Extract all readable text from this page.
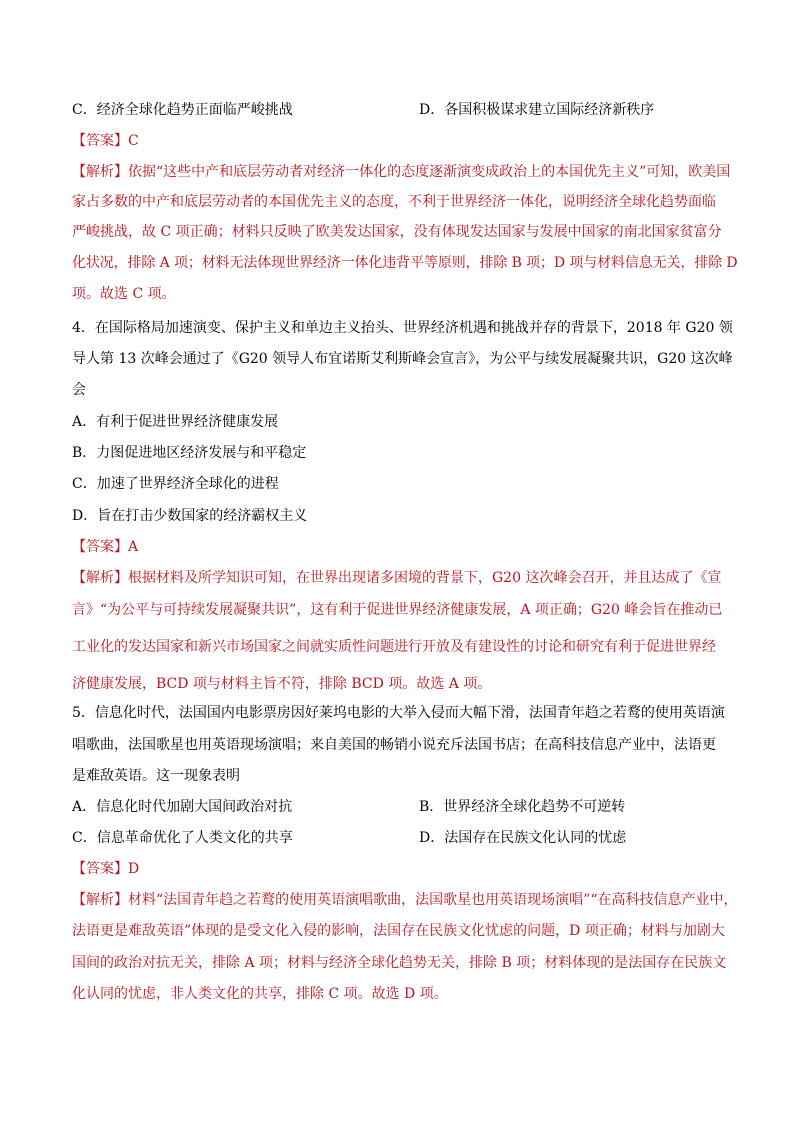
C．经济全球化趋势正面临严峻挑战	D．各国积极谋求建立国际经济新秩序
【答案】C
【解析】依据“这些中产和底层劳动者对经济一体化的态度逐渐演变成政治上的本国优先主义”可知，欧美国
家占多数的中产和底层劳动者的本国优先主义的态度，不利于世界经济一体化，说明经济全球化趋势面临
严峻挑战，故 C 项正确；材料只反映了欧美发达国家，没有体现发达国家与发展中国家的南北国家贫富分
化状况，排除 A 项；材料无法体现世界经济一体化违背平等原则，排除 B 项；D 项与材料信息无关，排除 D
项。故选 C 项。
4．在国际格局加速演变、保护主义和单边主义抬头、世界经济机遇和挑战并存的背景下，2018 年 G20 领
导人第 13 次峰会通过了《G20 领导人布宜诺斯艾利斯峰会宣言》，为公平与续发展凝聚共识，G20 这次峰
会
A．有利于促进世界经济健康发展
B．力图促进地区经济发展与和平稳定
C．加速了世界经济全球化的进程
D．旨在打击少数国家的经济霸权主义
【答案】A
【解析】根据材料及所学知识可知，在世界出现诸多困境的背景下，G20 这次峰会召开，并且达成了《宣
言》“为公平与可持续发展凝聚共识”，这有利于促进世界经济健康发展，A 项正确；G20 峰会旨在推动已
工业化的发达国家和新兴市场国家之间就实质性问题进行开放及有建设性的讨论和研究有利于促进世界经
济健康发展，BCD 项与材料主旨不符，排除 BCD 项。故选 A 项。
5．信息化时代，法国国内电影票房因好莱坞电影的大举入侵而大幅下滑，法国青年趋之若鹜的使用英语演
唱歌曲，法国歌星也用英语现场演唱；来自美国的畅销小说充斥法国书店；在高科技信息产业中，法语更
是难敌英语。这一现象表明
A．信息化时代加剧大国间政治对抗	B．世界经济全球化趋势不可逆转
C．信息革命优化了人类文化的共享	D．法国存在民族文化认同的忧虑
【答案】D
【解析】材料“法国青年趋之若鹜的使用英语演唱歌曲，法国歌星也用英语现场演唱”“在高科技信息产业中，
法语更是难敌英语”体现的是受文化入侵的影响，法国存在民族文化忧虑的问题，D 项正确；材料与加剧大
国间的政治对抗无关，排除 A 项；材料与经济全球化趋势无关，排除 B 项；材料体现的是法国存在民族文
化认同的忧虑，非人类文化的共享，排除 C 项。故选 D 项。
